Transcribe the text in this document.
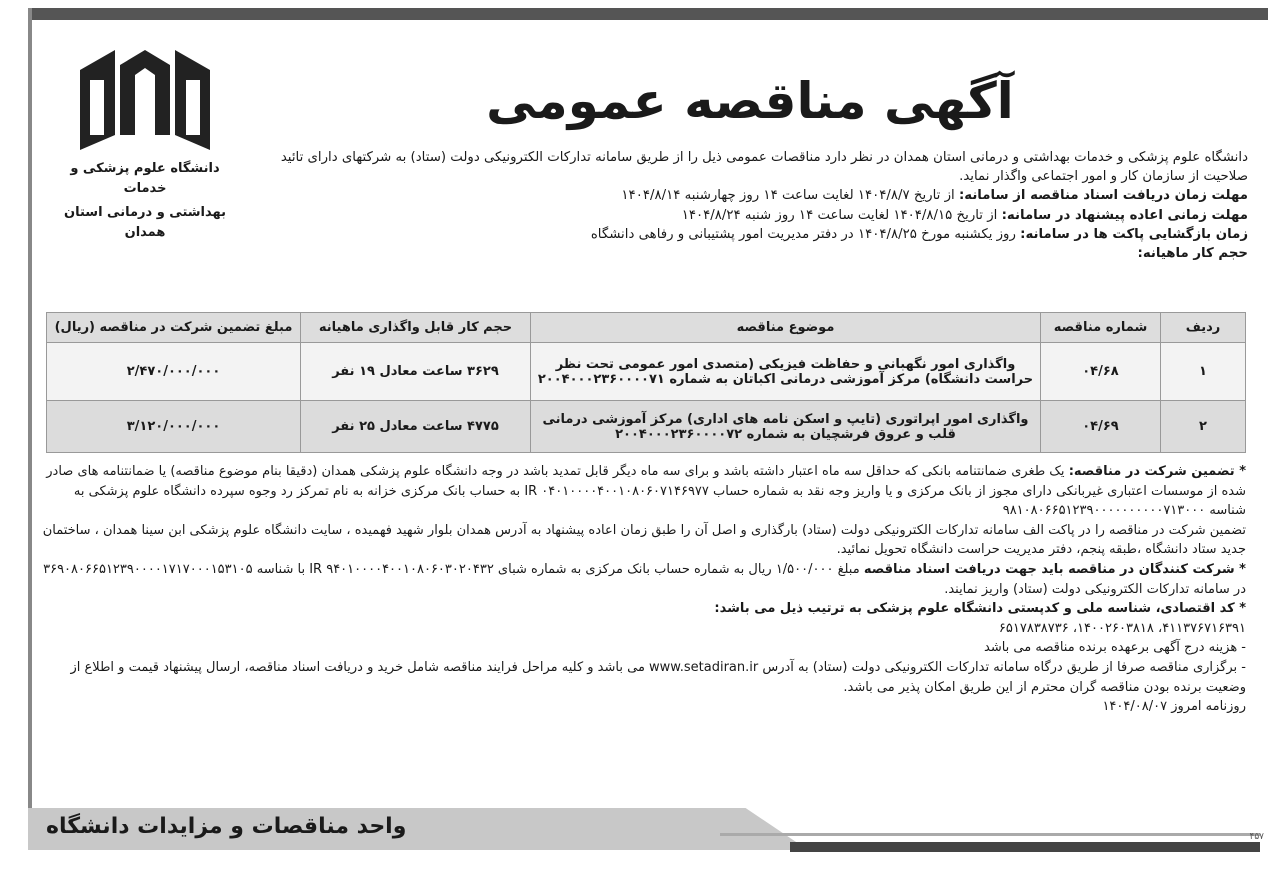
دانشگاه علوم پزشکی و خدمات
بهداشتی و درمانی استان همدان
آگهی مناقصه عمومی
دانشگاه علوم پزشکی و خدمات بهداشتی و درمانی استان همدان در نظر دارد مناقصات عمومی ذیل را از طریق سامانه تدارکات الکترونیکی دولت (ستاد) به شرکتهای دارای تائید صلاحیت از سازمان کار و امور اجتماعی واگذار نماید.
مهلت زمان دریافت اسناد مناقصه از سامانه: از تاریخ ۱۴۰۴/۸/۷ لغایت ساعت ۱۴ روز چهارشنبه ۱۴۰۴/۸/۱۴
مهلت زمانی اعاده پیشنهاد در سامانه: از تاریخ ۱۴۰۴/۸/۱۵ لغایت ساعت ۱۴ روز شنبه ۱۴۰۴/۸/۲۴
زمان بازگشایی پاکت ها در سامانه: روز یکشنبه مورخ ۱۴۰۴/۸/۲۵ در دفتر مدیریت امور پشتیبانی و رفاهی دانشگاه
حجم کار ماهیانه:
ردیف	شماره مناقصه	موضوع مناقصه	حجم کار قابل واگذاری ماهیانه	مبلغ تضمین شرکت در مناقصه (ریال)
۱	۰۴/۶۸	واگذاری امور نگهبانی و حفاظت فیزیکی (متصدی امور عمومی تحت نظر حراست دانشگاه) مرکز آموزشی درمانی اکباتان به شماره ۲۰۰۴۰۰۰۲۳۶۰۰۰۰۷۱	۳۶۲۹ ساعت معادل ۱۹ نفر	۲/۴۷۰/۰۰۰/۰۰۰
۲	۰۴/۶۹	واگذاری امور اپراتوری (تایپ و اسکن نامه های اداری) مرکز آموزشی درمانی قلب و عروق فرشچیان به شماره ۲۰۰۴۰۰۰۲۳۶۰۰۰۰۷۲	۴۷۷۵ ساعت معادل ۲۵ نفر	۳/۱۲۰/۰۰۰/۰۰۰
* تضمین شرکت در مناقصه: یک طغری ضمانتنامه بانکی که حداقل سه ماه اعتبار داشته باشد و برای سه ماه دیگر قابل تمدید باشد در وجه دانشگاه علوم پزشکی همدان (دقیقا بنام موضوع مناقصه) یا ضمانتنامه های صادر شده از موسسات اعتباری غیربانکی دارای مجوز از بانک مرکزی و یا واریز وجه نقد به شماره حساب IR ۰۴۰۱۰۰۰۰۴۰۰۱۰۸۰۶۰۷۱۴۶۹۷۷ به حساب بانک مرکزی خزانه به نام تمرکز رد وجوه سپرده دانشگاه علوم پزشکی به شناسه ۹۸۱۰۸۰۶۶۵۱۲۳۹۰۰۰۰۰۰۰۰۰۰۷۱۳۰۰۰
تضمین شرکت در مناقصه را در پاکت الف سامانه تدارکات الکترونیکی دولت (ستاد) بارگذاری و اصل آن را طبق زمان اعاده پیشنهاد به آدرس همدان بلوار شهید فهمیده ، سایت دانشگاه علوم پزشکی ابن سینا همدان ، ساختمان جدید ستاد دانشگاه ،طبقه پنجم، دفتر مدیریت حراست دانشگاه تحویل نمائید.
* شرکت کنندگان در مناقصه باید جهت دریافت اسناد مناقصه مبلغ ۱/۵۰۰/۰۰۰ ریال به شماره حساب بانک مرکزی به شماره شبای IR ۹۴۰۱۰۰۰۰۴۰۰۱۰۸۰۶۰۳۰۲۰۴۳۲ با شناسه ۳۶۹۰۸۰۶۶۵۱۲۳۹۰۰۰۰۱۷۱۷۰۰۰۱۵۳۱۰۵ در سامانه تدارکات الکترونیکی دولت (ستاد) واریز نمایند.
* کد اقتصادی، شناسه ملی و کدپستی دانشگاه علوم پزشکی به ترتیب ذیل می باشد:
۴۱۱۳۷۶۷۱۶۳۹۱، ۱۴۰۰۲۶۰۳۸۱۸، ۶۵۱۷۸۳۸۷۳۶
- هزینه درج آگهی برعهده برنده مناقصه می باشد
- برگزاری مناقصه صرفا از طریق درگاه سامانه تدارکات الکترونیکی دولت (ستاد) به آدرس www.setadiran.ir می باشد و کلیه مراحل فرایند مناقصه شامل خرید و دریافت اسناد مناقصه، ارسال پیشنهاد قیمت و اطلاع از وضعیت برنده بودن مناقصه گران محترم از این طریق امکان پذیر می باشد.
روزنامه امروز ۱۴۰۴/۰۸/۰۷
واحد مناقصات و مزایدات دانشگاه	۴۵۷
